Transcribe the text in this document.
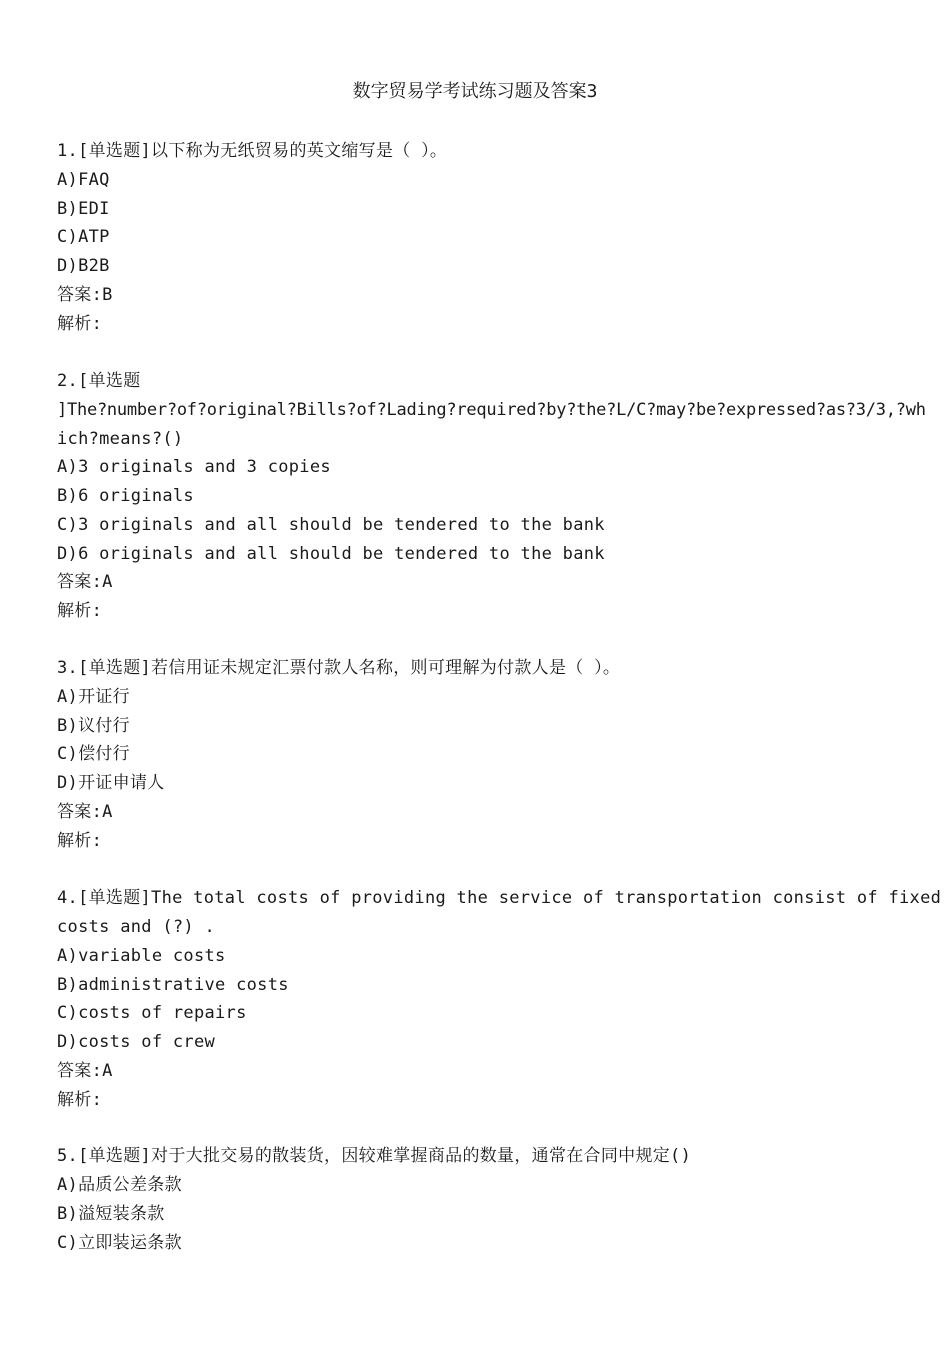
数字贸易学考试练习题及答案3
1.[单选题]以下称为无纸贸易的英文缩写是（ ）。
A)FAQ
B)EDI
C)ATP
D)B2B
答案:B
解析:
2.[单选题
]The?number?of?original?Bills?of?Lading?required?by?the?L/C?may?be?expressed?as?3/3,?wh
ich?means?()
A)3 originals and 3 copies
B)6 originals
C)3 originals and all should be tendered to the bank
D)6 originals and all should be tendered to the bank
答案:A
解析:
3.[单选题]若信用证未规定汇票付款人名称，则可理解为付款人是（ ）。
A)开证行
B)议付行
C)偿付行
D)开证申请人
答案:A
解析:
4.[单选题]The total costs of providing the service of transportation consist of fixed
costs and (?) .
A)variable costs
B)administrative costs
C)costs of repairs
D)costs of crew
答案:A
解析:
5.[单选题]对于大批交易的散装货，因较难掌握商品的数量，通常在合同中规定()
A)品质公差条款
B)溢短装条款
C)立即装运条款
